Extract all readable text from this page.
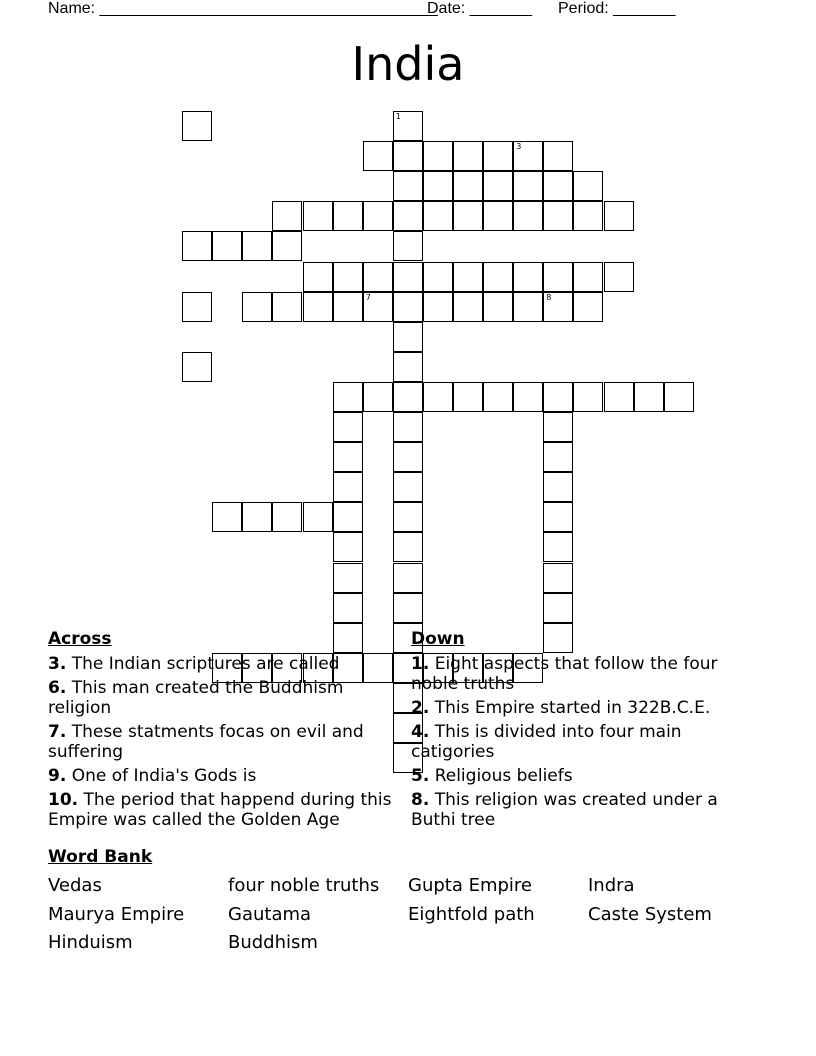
Name: ______________________________________
Date: _______ Period: _______
India
7	8
3
1
Across
3. The Indian scriptures are called
6. This man created the Buddhism religion
7. These statments focas on evil and suffering
9. One of India's Gods is
10. The period that happend during this Empire was called the Golden Age
Down
1. Eight aspects that follow the four noble truths
2. This Empire started in 322B.C.E.
4. This is divided into four main catigories
5. Religious beliefs
8. This religion was created under a Buthi tree
Word Bank
Vedas	four noble truths	Gupta Empire	Indra
Maurya Empire	Gautama	Eightfold path	Caste System
Hinduism	Buddhism
